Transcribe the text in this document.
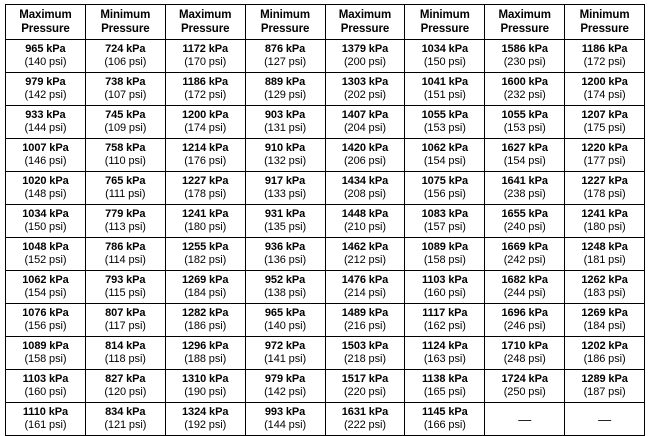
Maximum
Pressure	Minimum
Pressure	Maximum
Pressure	Minimum
Pressure	Maximum
Pressure	Minimum
Pressure	Maximum
Pressure	Minimum
Pressure

965 kPa
(140 psi)	724 kPa
(106 psi)	1172 kPa
(170 psi)	876 kPa
(127 psi)	1379 kPa
(200 psi)	1034 kPa
(150 psi)	1586 kPa
(230 psi)	1186 kPa
(172 psi)

979 kPa
(142 psi)	738 kPa
(107 psi)	1186 kPa
(172 psi)	889 kPa
(129 psi)	1303 kPa
(202 psi)	1041 kPa
(151 psi)	1600 kPa
(232 psi)	1200 kPa
(174 psi)

933 kPa
(144 psi)	745 kPa
(109 psi)	1200 kPa
(174 psi)	903 kPa
(131 psi)	1407 kPa
(204 psi)	1055 kPa
(153 psi)	1055 kPa
(153 psi)	1207 kPa
(175 psi)

1007 kPa
(146 psi)	758 kPa
(110 psi)	1214 kPa
(176 psi)	910 kPa
(132 psi)	1420 kPa
(206 psi)	1062 kPa
(154 psi)	1627 kPa
(154 psi)	1220 kPa
(177 psi)

1020 kPa
(148 psi)	765 kPa
(111 psi)	1227 kPa
(178 psi)	917 kPa
(133 psi)	1434 kPa
(208 psi)	1075 kPa
(156 psi)	1641 kPa
(238 psi)	1227 kPa
(178 psi)

1034 kPa
(150 psi)	779 kPa
(113 psi)	1241 kPa
(180 psi)	931 kPa
(135 psi)	1448 kPa
(210 psi)	1083 kPa
(157 psi)	1655 kPa
(240 psi)	1241 kPa
(180 psi)

1048 kPa
(152 psi)	786 kPa
(114 psi)	1255 kPa
(182 psi)	936 kPa
(136 psi)	1462 kPa
(212 psi)	1089 kPa
(158 psi)	1669 kPa
(242 psi)	1248 kPa
(181 psi)

1062 kPa
(154 psi)	793 kPa
(115 psi)	1269 kPa
(184 psi)	952 kPa
(138 psi)	1476 kPa
(214 psi)	1103 kPa
(160 psi)	1682 kPa
(244 psi)	1262 kPa
(183 psi)

1076 kPa
(156 psi)	807 kPa
(117 psi)	1282 kPa
(186 psi)	965 kPa
(140 psi)	1489 kPa
(216 psi)	1117 kPa
(162 psi)	1696 kPa
(246 psi)	1269 kPa
(184 psi)

1089 kPa
(158 psi)	814 kPa
(118 psi)	1296 kPa
(188 psi)	972 kPa
(141 psi)	1503 kPa
(218 psi)	1124 kPa
(163 psi)	1710 kPa
(248 psi)	1202 kPa
(186 psi)

1103 kPa
(160 psi)	827 kPa
(120 psi)	1310 kPa
(190 psi)	979 kPa
(142 psi)	1517 kPa
(220 psi)	1138 kPa
(165 psi)	1724 kPa
(250 psi)	1289 kPa
(187 psi)

1110 kPa
(161 psi)	834 kPa
(121 psi)	1324 kPa
(192 psi)	993 kPa
(144 psi)	1631 kPa
(222 psi)	1145 kPa
(166 psi)	—	—
